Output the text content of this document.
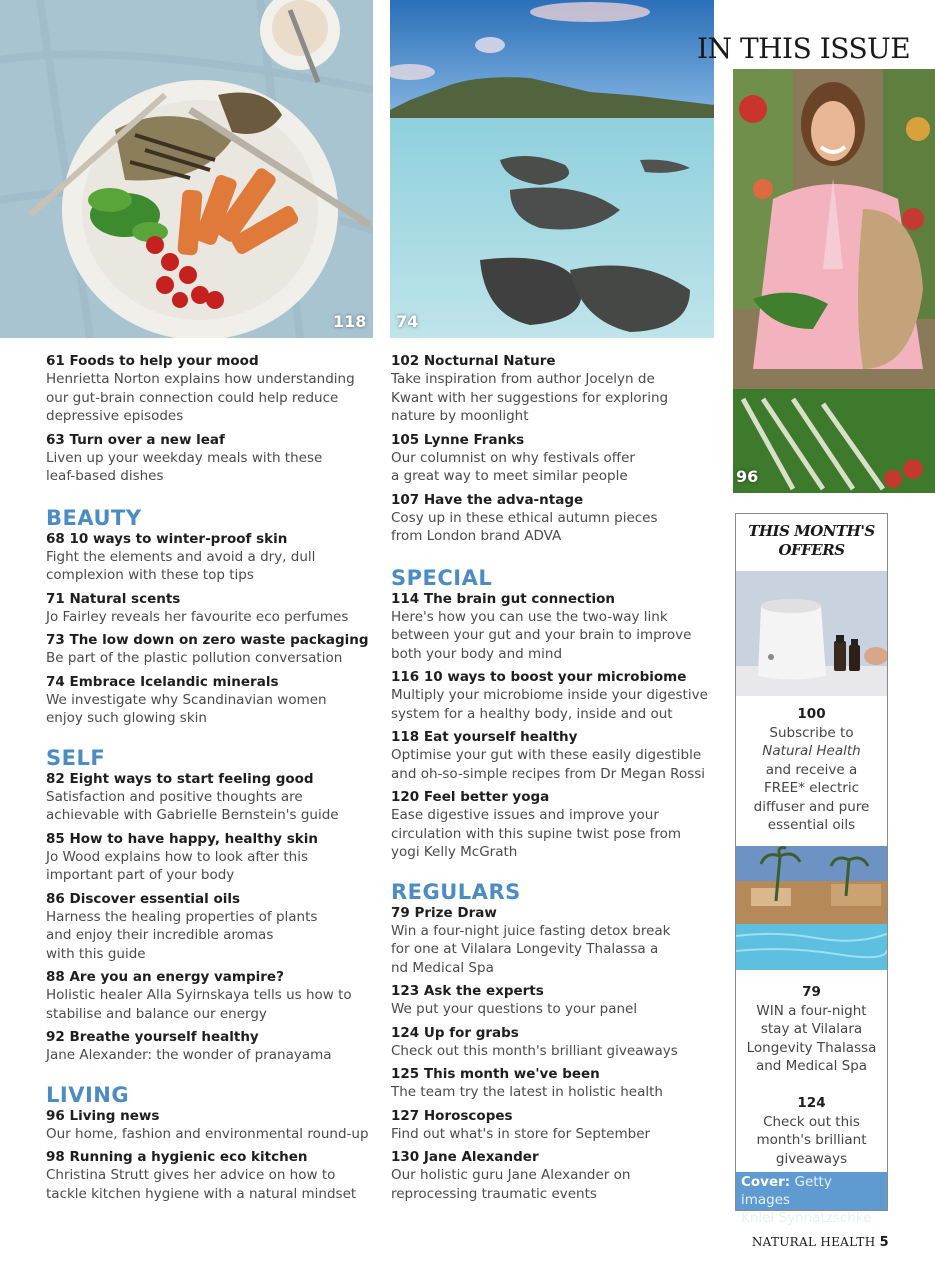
118 74
96
IN THIS ISSUE
61 Foods to help your mood
Henrietta Norton explains how understanding
our gut-brain connection could help reduce
depressive episodes
63 Turn over a new leaf
Liven up your weekday meals with these
leaf-based dishes
BEAUTY
68 10 ways to winter-proof skin
Fight the elements and avoid a dry, dull
complexion with these top tips
71 Natural scents
Jo Fairley reveals her favourite eco perfumes
73 The low down on zero waste packaging
Be part of the plastic pollution conversation
74 Embrace Icelandic minerals
We investigate why Scandinavian women
enjoy such glowing skin
SELF
82 Eight ways to start feeling good
Satisfaction and positive thoughts are
achievable with Gabrielle Bernstein's guide
85 How to have happy, healthy skin
Jo Wood explains how to look after this
important part of your body
86 Discover essential oils
Harness the healing properties of plants
and enjoy their incredible aromas
with this guide
88 Are you an energy vampire?
Holistic healer Alla Syirnskaya tells us how to
stabilise and balance our energy
92 Breathe yourself healthy
Jane Alexander: the wonder of pranayama
LIVING
96 Living news
Our home, fashion and environmental round-up
98 Running a hygienic eco kitchen
Christina Strutt gives her advice on how to
tackle kitchen hygiene with a natural mindset
102 Nocturnal Nature
Take inspiration from author Jocelyn de
Kwant with her suggestions for exploring
nature by moonlight
105 Lynne Franks
Our columnist on why festivals offer
a great way to meet similar people
107 Have the adva-ntage
Cosy up in these ethical autumn pieces
from London brand ADVA
SPECIAL
114 The brain gut connection
Here's how you can use the two-way link
between your gut and your brain to improve
both your body and mind
116 10 ways to boost your microbiome
Multiply your microbiome inside your digestive
system for a healthy body, inside and out
118 Eat yourself healthy
Optimise your gut with these easily digestible
and oh-so-simple recipes from Dr Megan Rossi
120 Feel better yoga
Ease digestive issues and improve your
circulation with this supine twist pose from
yogi Kelly McGrath
REGULARS
79 Prize Draw
Win a four-night juice fasting detox break
for one at Vilalara Longevity Thalassa a
nd Medical Spa
123 Ask the experts
We put your questions to your panel
124 Up for grabs
Check out this month's brilliant giveaways
125 This month we've been
The team try the latest in holistic health
127 Horoscopes
Find out what's in store for September
130 Jane Alexander
Our holistic guru Jane Alexander on
reprocessing traumatic events
THIS MONTH'S
OFFERS
100
Subscribe to
Natural Health
and receive a
FREE* electric
diffuser and pure
essential oils
79
WIN a four-night
stay at Vilalara
Longevity Thalassa
and Medical Spa
124
Check out this
month's brilliant
giveaways
Cover: Getty images
Kniel Synnatzschke
NATURAL HEALTH 5
